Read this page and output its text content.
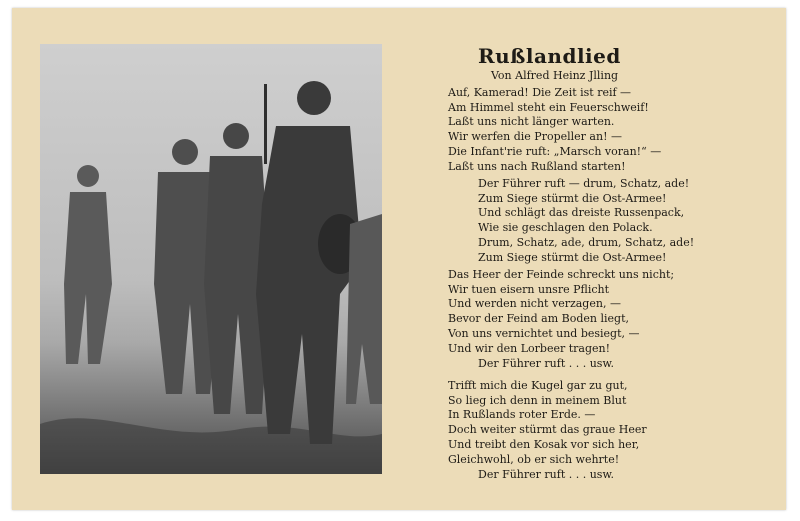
Rußlandlied
Von Alfred Heinz Jlling
Auf, Kamerad! Die Zeit ist reif —
Am Himmel steht ein Feuerschweif!
Laßt uns nicht länger warten.
Wir werfen die Propeller an! —
Die Infant'rie ruft: „Marsch voran!“ —
Laßt uns nach Rußland starten!
Der Führer ruft — drum, Schatz, ade!
Zum Siege stürmt die Ost-Armee!
Und schlägt das dreiste Russenpack,
Wie sie geschlagen den Polack.
Drum, Schatz, ade, drum, Schatz, ade!
Zum Siege stürmt die Ost-Armee!
Das Heer der Feinde schreckt uns nicht;
Wir tuen eisern unsre Pflicht
Und werden nicht verzagen, —
Bevor der Feind am Boden liegt,
Von uns vernichtet und besiegt, —
Und wir den Lorbeer tragen!
Der Führer ruft . . . usw.
Trifft mich die Kugel gar zu gut,
So lieg ich denn in meinem Blut
In Rußlands roter Erde. —
Doch weiter stürmt das graue Heer
Und treibt den Kosak vor sich her,
Gleichwohl, ob er sich wehrte!
Der Führer ruft . . . usw.
